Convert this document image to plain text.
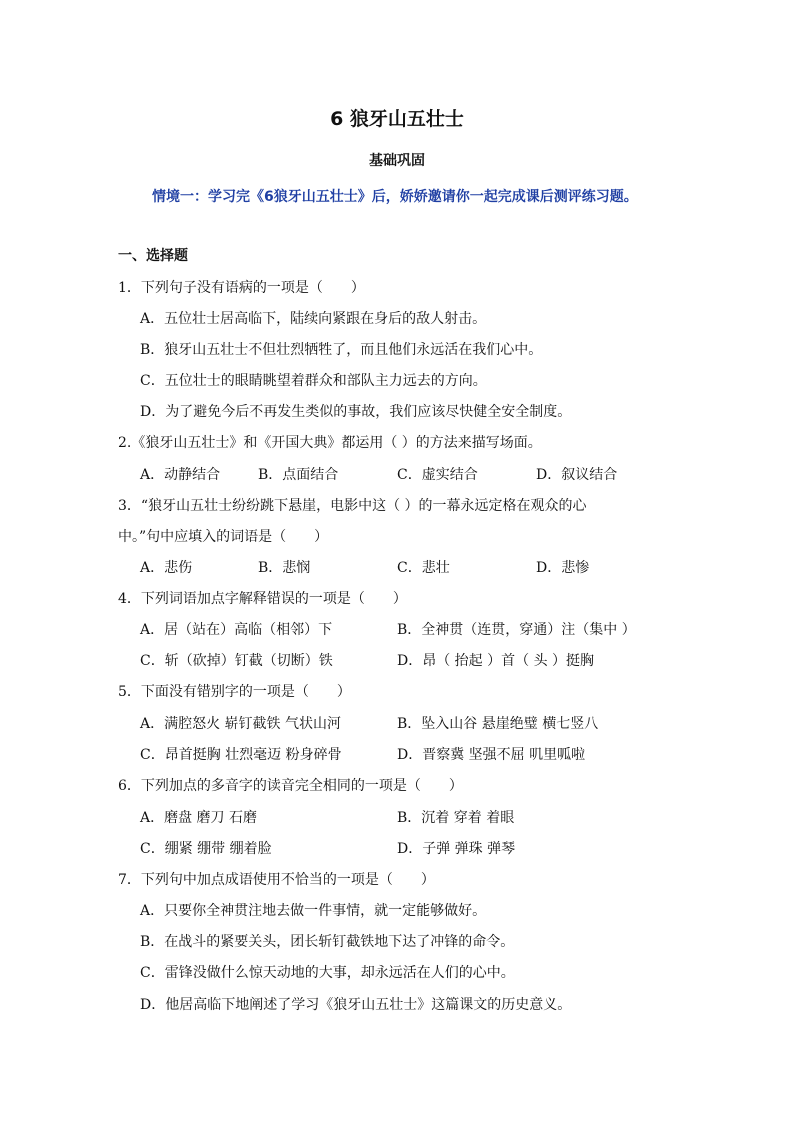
6 狼牙山五壮士
基础巩固
情境一：学习完《6狼牙山五壮士》后，娇娇邀请你一起完成课后测评练习题。
一、选择题
1．下列句子没有语病的一项是（　　）
A．五位壮士居高临下，陆续向紧跟在身后的敌人射击。
B．狼牙山五壮士不但壮烈牺牲了，而且他们永远活在我们心中。
C．五位壮士的眼睛眺望着群众和部队主力远去的方向。
D．为了避免今后不再发生类似的事故，我们应该尽快健全安全制度。
2.《狼牙山五壮士》和《开国大典》都运用（ ）的方法来描写场面。
A．动静结合	B．点面结合	C．虚实结合	D．叙议结合
3．“狼牙山五壮士纷纷跳下悬崖，电影中这（ ）的一幕永远定格在观众的心
中。”句中应填入的词语是（　　）
A．悲伤	B．悲悯	C．悲壮	D．悲惨
4．下列词语加点字解释错误的一项是（　　）
A．居（站在）高临（相邻）下	B．全神贯（连贯，穿通）注（集中 ）
C．斩（砍掉）钉截（切断）铁	D．昂（ 抬起 ）首（ 头 ）挺胸
5．下面没有错别字的一项是（　　）
A．满腔怒火 崭钉截铁 气状山河	B．坠入山谷 悬崖绝璧 横七竖八
C．昂首挺胸 壮烈毫迈 粉身碎骨	D．晋察冀 坚强不屈 叽里呱啦
6．下列加点的多音字的读音完全相同的一项是（　　）
A．磨盘 磨刀 石磨	B．沉着 穿着 着眼
C．绷紧 绷带 绷着脸	D．子弹 弹珠 弹琴
7．下列句中加点成语使用不恰当的一项是（　　）
A．只要你全神贯注地去做一件事情，就一定能够做好。
B．在战斗的紧要关头，团长斩钉截铁地下达了冲锋的命令。
C．雷锋没做什么惊天动地的大事，却永远活在人们的心中。
D．他居高临下地阐述了学习《狼牙山五壮士》这篇课文的历史意义。
